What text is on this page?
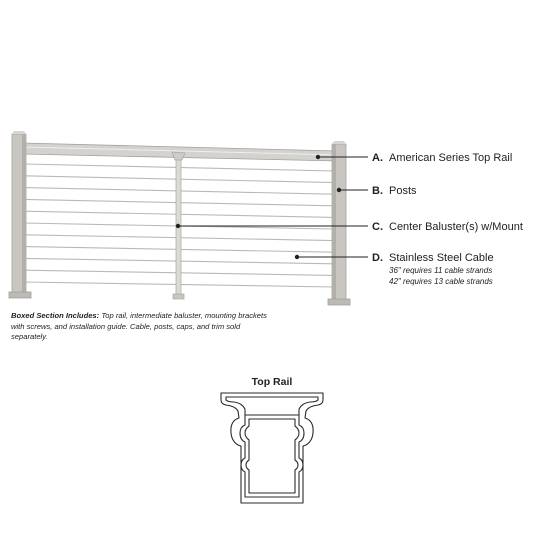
A. American Series Top Rail
B. Posts
C. Center Baluster(s) w/Mount
D. Stainless Steel Cable
36" requires 11 cable strands
42" requires 13 cable strands
Top Rail
Boxed Section Includes: Top rail, intermediate baluster, mounting brackets with screws, and installation guide. Cable, posts, caps, and trim sold separately.
